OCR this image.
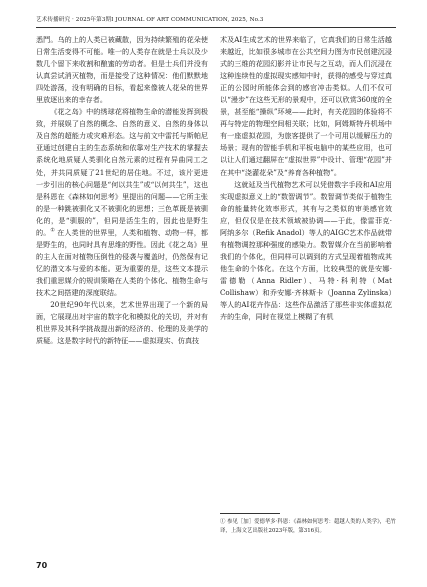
艺术传播研究 · 2025年第3期Ⅰ JOURNAL OF ART COMMUNICATION, 2025, No.3

悉鬥。乌的上的人类已被藏散，因为持续繁殖的花朵使日常生活变得不可能。唯一的人类存在就是士兵以及少数几个留下来收割和酿蜜的劳动者。但是士兵们并没有认真尝试消灭植物，而是接受了这种情况：他们默默地四处游荡，没有明确的目标，看起来像被人花朵的世界里放逐出来的幸存者。

《花之岛》中的绣球花将植物生命的潜能发挥到极致，并展娱了自然的概念、自然的意义、自然的身体以及自然的超能力或灾难形态。这与前文中雷托与斯帕尼亚通过创建自主的生态系统和依靠对生产技术的掌握去系统化地质疑人类驯化自然元素的过程有异曲同工之处，并共同质疑了21世纪的居住地。不过，该片更进一步引出的核心问题是“何以共生”或“以何共生”，这也是科恩在《森林如何思考》里提出的问题——它所主张的是一种跳被驯化又不被驯化的思想；三色革既是被驯化的，是“驯服的”，但同是活生生的，因此也是野生的。① 在人类世的世界里，人类和植物、动物一样，都是野生的，也同时具有思维的野性。因此《花之岛》里的主人在面对植物压倒性的侵袭与覆盖时，仍然保有记忆的潜文本与爱的本能。更为重要的是，这些文本提示我们重思媒介的规训策略在人类的个体化、植物生命与技术之间搭建的深度联结。

20世纪90年代以来，艺术世界出现了一个新的局面，它展现出对宇宙的数字化和模拟化的关切，并对有机世界及其科学挑战提出新的经济的、伦理的及美学的质疑。这是数字时代的新特征——虚拟现实、仿真技

术及AI生成艺术的世界来临了，它真我们的日常生活越来越近，比如很多城市在公共空间力图为市民创建沉浸式的三维的花园幻影并让市民与之互动，而人们沉浸在这种连续性的虚拟现实感知中时，获得的感受与穿过真正的公园时所能体会到的感官冲击类似。人们不仅可以“漫步”在这些无形的景观中，还可以欣赏360度的全景，甚至能“操纵”环境——此时，有关花园的体验将不再与特定的物理空间相关联；比如，阿姆斯特丹机场中有一座虚拟花园，为旅客提供了一个可用以缓解压力的场景；现有的智能手机和平板电脑中的某些应用，也可以让人们通过翻屏在“虚拟世界”中设计、管理“花园”并在其中“浇灌花朵”及“养育各种植物”。

这就延及当代植物艺术可以凭借数字手段和AI应用实现虚拟意义上的“数智调节”。数智调节类似于植物生命的能量转化效率形式，其有与之类似的审美感官效应，但仅仅是在技术领域被协调——于此，像雷菲克·阿纳多尔（Refik Anadol）等人的AIGC艺术作品就带有植物调控那种强度的感染力。数智媒介在当前影响着我们的个体化，但同样可以调到的方式呈现着植物成其他生命的个体化。在这个方面，比较典型的就是安娜·雷德勒（Anna Ridler）、马特·科利特（Mat Collishaw）和乔安娜·齐林斯卡（Joanna Zylinska）等人的AI花卉作品：这些作品激活了那些非实体虚拟花卉的生命，同时在视觉上模糊了有机

① 参见［加］爱德华多·科恩：《森林如何思考：超越人类的人类学》，毛竹译，上海文艺出版社2023年版，第316页。
70
